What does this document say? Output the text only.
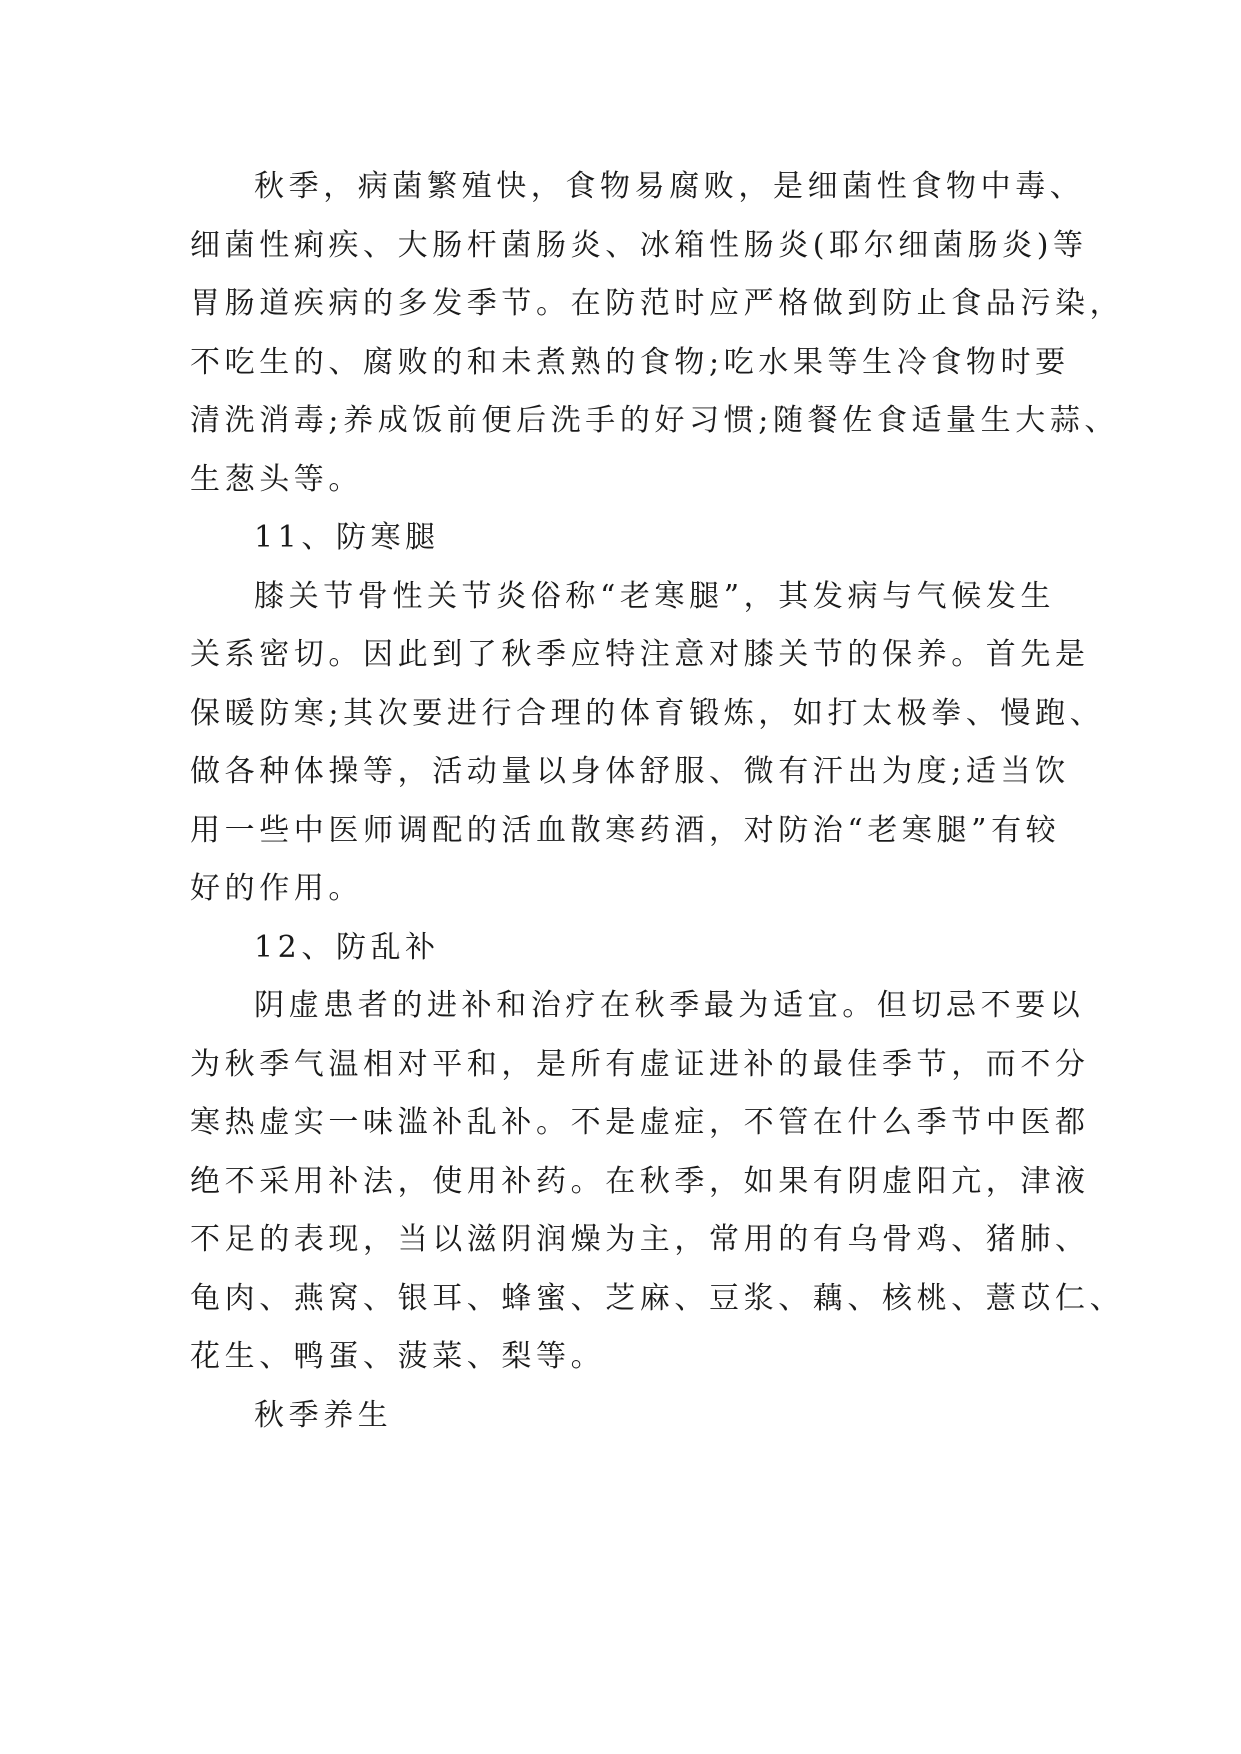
秋季，病菌繁殖快，食物易腐败，是细菌性食物中毒、
细菌性痢疾、大肠杆菌肠炎、冰箱性肠炎(耶尔细菌肠炎)等
胃肠道疾病的多发季节。在防范时应严格做到防止食品污染，
不吃生的、腐败的和未煮熟的食物;吃水果等生冷食物时要
清洗消毒;养成饭前便后洗手的好习惯;随餐佐食适量生大蒜、
生葱头等。
11、防寒腿
膝关节骨性关节炎俗称“老寒腿”，其发病与气候发生
关系密切。因此到了秋季应特注意对膝关节的保养。首先是
保暖防寒;其次要进行合理的体育锻炼，如打太极拳、慢跑、
做各种体操等，活动量以身体舒服、微有汗出为度;适当饮
用一些中医师调配的活血散寒药酒，对防治“老寒腿”有较
好的作用。
12、防乱补
阴虚患者的进补和治疗在秋季最为适宜。但切忌不要以
为秋季气温相对平和，是所有虚证进补的最佳季节，而不分
寒热虚实一味滥补乱补。不是虚症，不管在什么季节中医都
绝不采用补法，使用补药。在秋季，如果有阴虚阳亢，津液
不足的表现，当以滋阴润燥为主，常用的有乌骨鸡、猪肺、
龟肉、燕窝、银耳、蜂蜜、芝麻、豆浆、藕、核桃、薏苡仁、
花生、鸭蛋、菠菜、梨等。
秋季养生
